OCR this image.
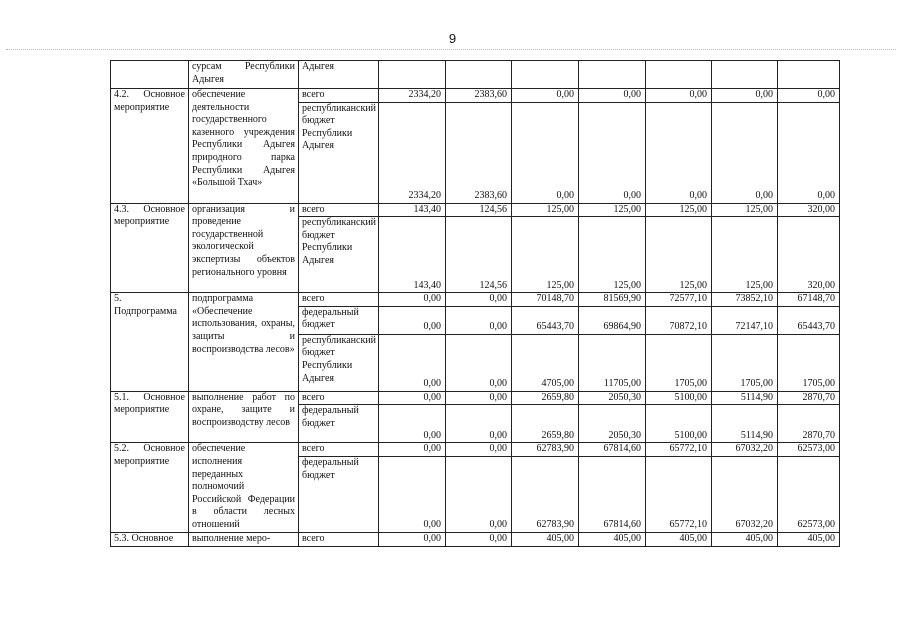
9
	сурсам Республики Адыгея	Адыгея							
4.2. Основное мероприятие	обеспечение деятельности государственного казенного учреждения Республики Адыгея природного парка Республики Адыгея «Большой Тхач»	всего	2334,20	2383,60	0,00	0,00	0,00	0,00	0,00
		республиканский бюджет Республики Адыгея	2334,20	2383,60	0,00	0,00	0,00	0,00	0,00
4.3. Основное мероприятие	организация и проведение государственной экологической экспертизы объектов регионального уровня	всего	143,40	124,56	125,00	125,00	125,00	125,00	320,00
		республиканский бюджет Республики Адыгея	143,40	124,56	125,00	125,00	125,00	125,00	320,00
5. Подпрограмма	подпрограмма «Обеспечение использования, охраны, защиты и воспроизводства лесов»	всего	0,00	0,00	70148,70	81569,90	72577,10	73852,10	67148,70
		федеральный бюджет	0,00	0,00	65443,70	69864,90	70872,10	72147,10	65443,70
		республиканский бюджет Республики Адыгея	0,00	0,00	4705,00	11705,00	1705,00	1705,00	1705,00
5.1. Основное мероприятие	выполнение работ по охране, защите и воспроизводству лесов	всего	0,00	0,00	2659,80	2050,30	5100,00	5114,90	2870,70
		федеральный бюджет	0,00	0,00	2659,80	2050,30	5100,00	5114,90	2870,70
5.2. Основное мероприятие	обеспечение исполнения переданных полномочий Российской Федерации в области лесных отношений	всего	0,00	0,00	62783,90	67814,60	65772,10	67032,20	62573,00
		федеральный бюджет	0,00	0,00	62783,90	67814,60	65772,10	67032,20	62573,00
5.3. Основное	выполнение меро-	всего	0,00	0,00	405,00	405,00	405,00	405,00	405,00
